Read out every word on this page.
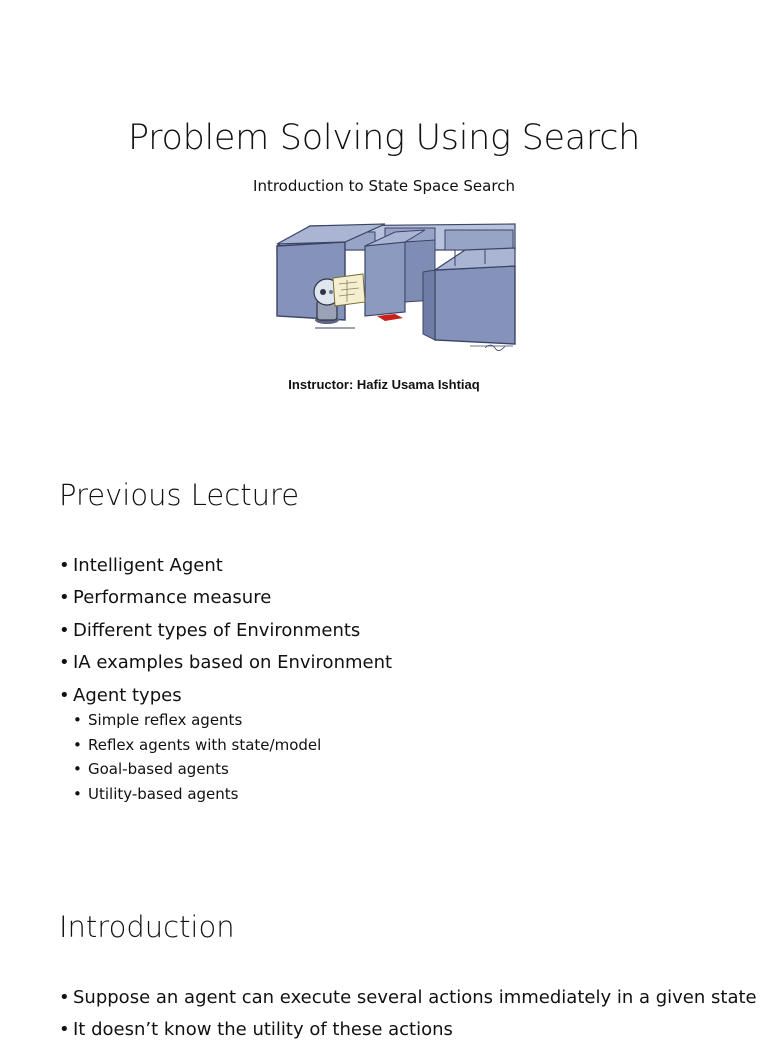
Problem Solving Using Search
Introduction to State Space Search
Instructor: Hafiz Usama Ishtiaq
Previous Lecture
• Intelligent Agent
• Performance measure
• Different types of Environments
• IA examples based on Environment
• Agent types
• Simple reflex agents
• Reflex agents with state/model
• Goal-based agents
• Utility-based agents
Introduction
• Suppose an agent can execute several actions immediately in a given state
• It doesn’t know the utility of these actions
